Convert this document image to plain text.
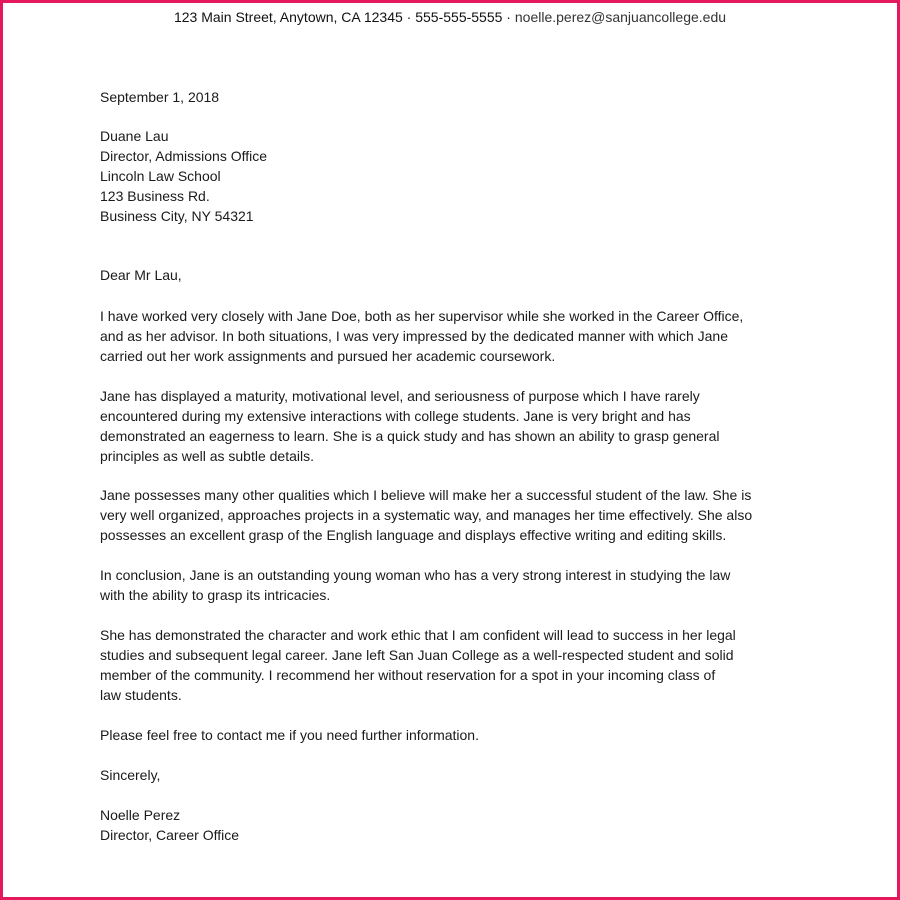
123 Main Street, Anytown, CA 12345 · 555-555-5555 · noelle.perez@sanjuancollege.edu
September 1, 2018
Duane Lau
Director, Admissions Office
Lincoln Law School
123 Business Rd.
Business City, NY 54321
Dear Mr Lau,
I have worked very closely with Jane Doe, both as her supervisor while she worked in the Career Office,
and as her advisor. In both situations, I was very impressed by the dedicated manner with which Jane
carried out her work assignments and pursued her academic coursework.
Jane has displayed a maturity, motivational level, and seriousness of purpose which I have rarely
encountered during my extensive interactions with college students. Jane is very bright and has
demonstrated an eagerness to learn. She is a quick study and has shown an ability to grasp general
principles as well as subtle details.
Jane possesses many other qualities which I believe will make her a successful student of the law. She is
very well organized, approaches projects in a systematic way, and manages her time effectively. She also
possesses an excellent grasp of the English language and displays effective writing and editing skills.
In conclusion, Jane is an outstanding young woman who has a very strong interest in studying the law
with the ability to grasp its intricacies.
She has demonstrated the character and work ethic that I am confident will lead to success in her legal
studies and subsequent legal career. Jane left San Juan College as a well-respected student and solid
member of the community. I recommend her without reservation for a spot in your incoming class of
law students.
Please feel free to contact me if you need further information.
Sincerely,
Noelle Perez
Director, Career Office
